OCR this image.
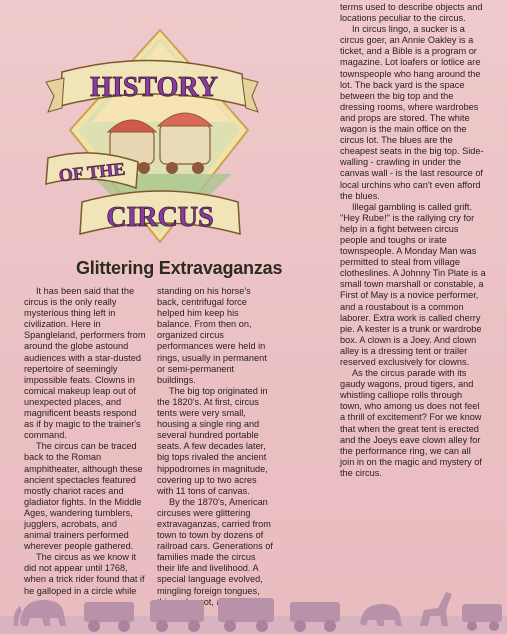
HISTORY
OF THE
CIRCUS
Glittering Extravaganzas

It has been said that the circus is the only really mysterious thing left in civilization. Here in Spangleland, performers from around the globe astound audiences with a star-dusted repertoire of seemingly impossible feats. Clowns in comical makeup leap out of unexpected places, and magnificent beasts respond as if by magic to the trainer's command.

The circus can be traced back to the Roman amphitheater, although these ancient spectacles featured mostly chariot races and gladiator fights. In the Middle Ages, wandering tumblers, jugglers, acrobats, and animal trainers performed wherever people gathered.

The circus as we know it did not appear until 1768, when a trick rider found that if he galloped in a circle while

standing on his horse's back, centrifugal force helped him keep his balance. From then on, organized circus performances were held in rings, usually in permanent or semi-permanent buildings.

The big top originated in the 1820's. At first, circus tents were very small, housing a single ring and several hundred portable seats. A few decades later, big tops rivaled the ancient hippodromes in magnitude, covering up to two acres with 11 tons of canvas.

By the 1870's, American circuses were glittering extravaganzas, carried from town to town by dozens of railroad cars. Generations of families made the circus their life and livelihood. A special language evolved, mingling foreign tongues,

terms used to describe objects and locations peculiar to the circus.

In circus lingo, a sucker is a circus goer, an Annie Oakley is a ticket, and a Bible is a program or magazine. Lot loafers or lotlice are townspeople who hang around the lot. The back yard is the space between the big top and the dressing rooms, where wardrobes and props are stored. The white wagon is the main office on the circus lot. The blues are the cheapest seats in the big top. Side-walling - crawling in under the canvas wall - is the last resource of local urchins who can't even afford the blues.

Illegal gambling is called grift. "Hey Rube!" is the rallying cry for help in a fight between circus people and toughs or irate townspeople. A Monday Man was permitted to steal from village clotheslines. A Johnny Tin Plate is a small town marshall or constable, a First of May is a novice performer, and a roustabout is a common laborer. Extra work is called cherry pie. A kester is a trunk or wardrobe box. A clown is a Joey. And clown alley is a dressing tent or trailer reserved exclusively for clowns.

As the circus parade with its gaudy wagons, proud tigers, and whistling calliope rolls through town, who among us does not feel a thrill of excitement? For we know that when the great tent is erected and the Joeys eave clown alley for the performance ring, we can all join in on the magic and mystery of the circus.
